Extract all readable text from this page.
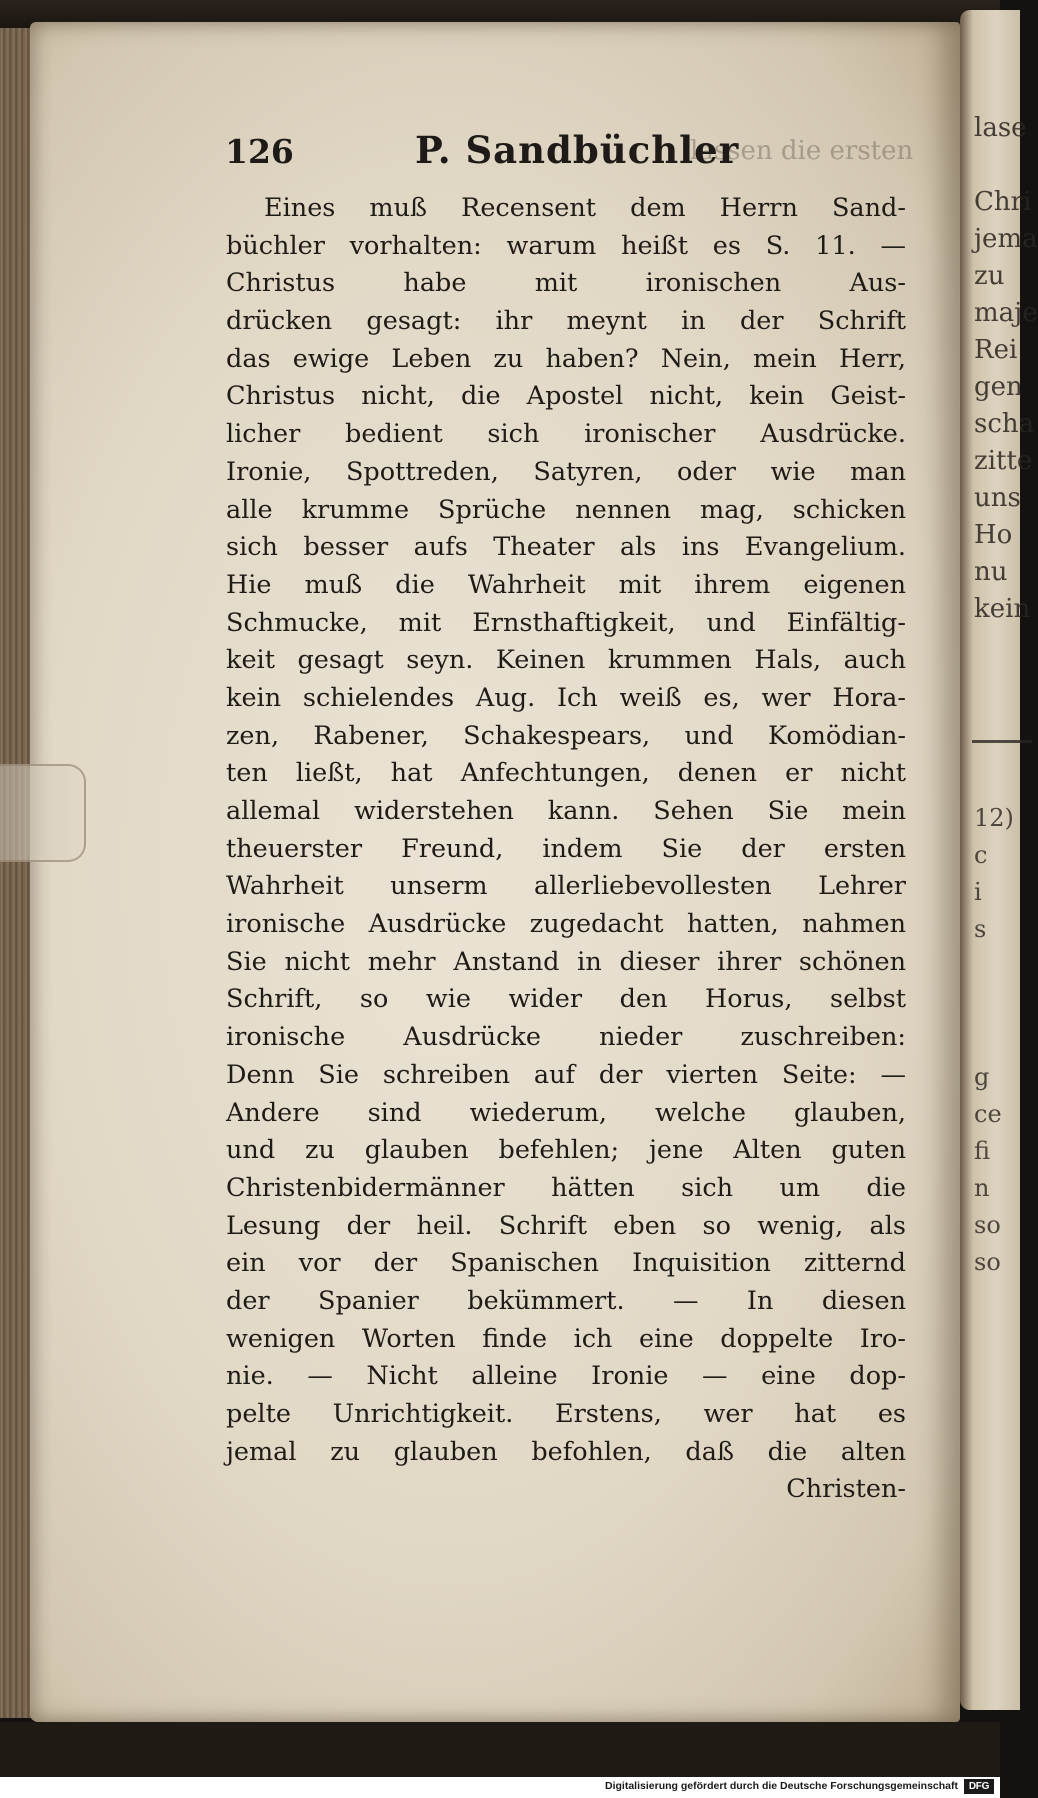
lase

Chri
jema
zu
maje
Rei
gen
scha
zitte
uns
Ho
nu
kein
12)
c
i
s

g
ce
fi
n
so
so
126	lassen die ersten
P. Sandbüchler
Eines muß Recensent dem Herrn Sand-
büchler vorhalten: warum heißt es S. 11. —
Christus habe mit ironischen Aus-
drücken gesagt: ihr meynt in der Schrift
das ewige Leben zu haben? Nein, mein Herr,
Christus nicht, die Apostel nicht, kein Geist-
licher bedient sich ironischer Ausdrücke.
Ironie, Spottreden, Satyren, oder wie man
alle krumme Sprüche nennen mag, schicken
sich besser aufs Theater als ins Evangelium.
Hie muß die Wahrheit mit ihrem eigenen
Schmucke, mit Ernsthaftigkeit, und Einfältig-
keit gesagt seyn. Keinen krummen Hals, auch
kein schielendes Aug. Ich weiß es, wer Hora-
zen, Rabener, Schakespears, und Komödian-
ten ließt, hat Anfechtungen, denen er nicht
allemal widerstehen kann. Sehen Sie mein
theuerster Freund, indem Sie der ersten
Wahrheit unserm allerliebevollesten Lehrer
ironische Ausdrücke zugedacht hatten, nahmen
Sie nicht mehr Anstand in dieser ihrer schönen
Schrift, so wie wider den Horus, selbst
ironische Ausdrücke nieder zuschreiben:
Denn Sie schreiben auf der vierten Seite: —
Andere sind wiederum, welche glauben,
und zu glauben befehlen; jene Alten guten
Christenbidermänner hätten sich um die
Lesung der heil. Schrift eben so wenig, als
ein vor der Spanischen Inquisition zitternd
der Spanier bekümmert. — In diesen
wenigen Worten finde ich eine doppelte Iro-
nie. — Nicht alleine Ironie — eine dop-
pelte Unrichtigkeit. Erstens, wer hat es
jemal zu glauben befohlen, daß die alten
Christen-
Digitalisierung gefördert durch die Deutsche Forschungsgemeinschaft	DFG
